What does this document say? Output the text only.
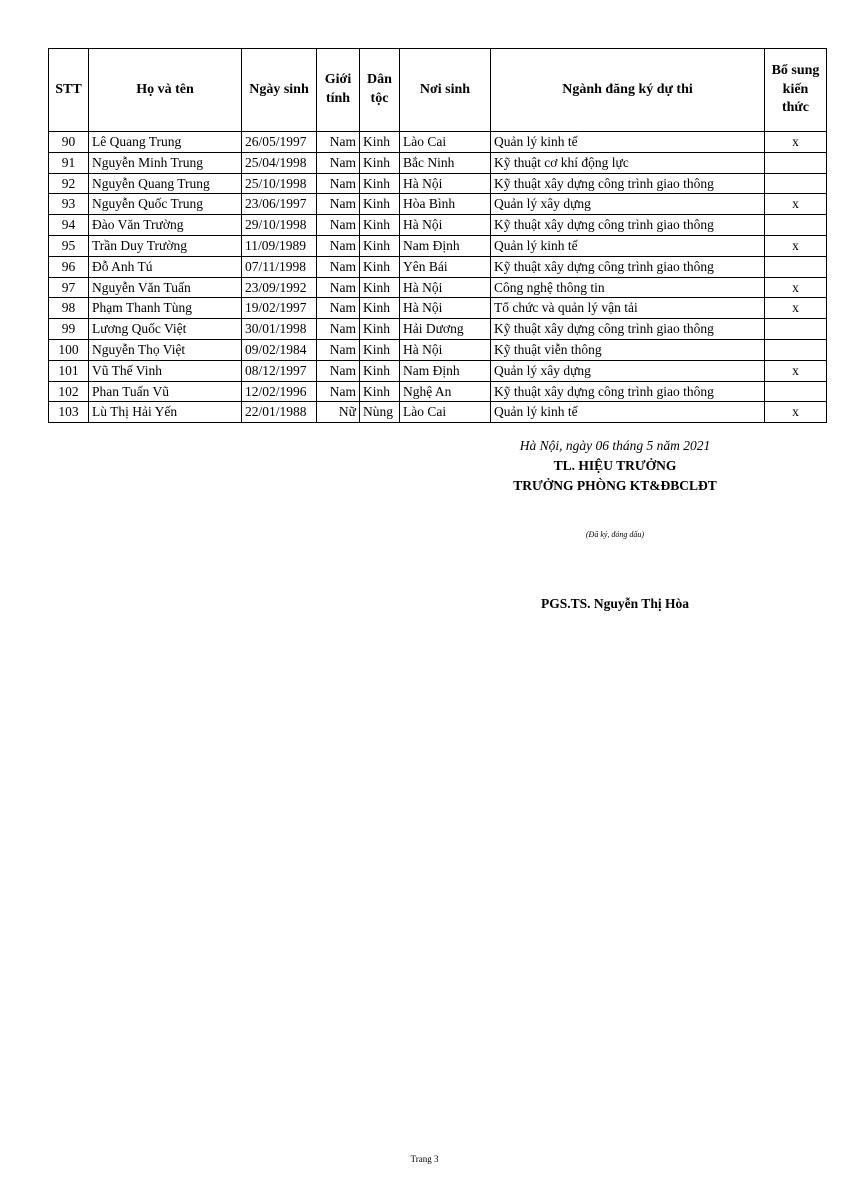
STT	Họ và tên	Ngày sinh	Giới tính	Dân tộc	Nơi sinh	Ngành đăng ký dự thi	Bổ sung kiến thức
90	Lê Quang Trung	26/05/1997	Nam	Kinh	Lào Cai	Quản lý kinh tế	x
91	Nguyễn Minh Trung	25/04/1998	Nam	Kinh	Bắc Ninh	Kỹ thuật cơ khí động lực	
92	Nguyễn Quang Trung	25/10/1998	Nam	Kinh	Hà Nội	Kỹ thuật xây dựng công trình giao thông	
93	Nguyễn Quốc Trung	23/06/1997	Nam	Kinh	Hòa Bình	Quản lý xây dựng	x
94	Đào Văn Trường	29/10/1998	Nam	Kinh	Hà Nội	Kỹ thuật xây dựng công trình giao thông	
95	Trần Duy Trường	11/09/1989	Nam	Kinh	Nam Định	Quản lý kinh tế	x
96	Đỗ Anh Tú	07/11/1998	Nam	Kinh	Yên Bái	Kỹ thuật xây dựng công trình giao thông	
97	Nguyễn Văn Tuấn	23/09/1992	Nam	Kinh	Hà Nội	Công nghệ thông tin	x
98	Phạm Thanh Tùng	19/02/1997	Nam	Kinh	Hà Nội	Tổ chức và quản lý vận tải	x
99	Lương Quốc Việt	30/01/1998	Nam	Kinh	Hải Dương	Kỹ thuật xây dựng công trình giao thông	
100	Nguyễn Thọ Việt	09/02/1984	Nam	Kinh	Hà Nội	Kỹ thuật viễn thông	
101	Vũ Thế Vinh	08/12/1997	Nam	Kinh	Nam Định	Quản lý xây dựng	x
102	Phan Tuấn Vũ	12/02/1996	Nam	Kinh	Nghệ An	Kỹ thuật xây dựng công trình giao thông	
103	Lù Thị Hải Yến	22/01/1988	Nữ	Nùng	Lào Cai	Quản lý kinh tế	x
Hà Nội, ngày 06 tháng 5 năm 2021
TL. HIỆU TRƯỞNG
TRƯỞNG PHÒNG KT&ĐBCLĐT
(Đã ký, đóng dấu)
PGS.TS. Nguyễn Thị Hòa
Trang 3
